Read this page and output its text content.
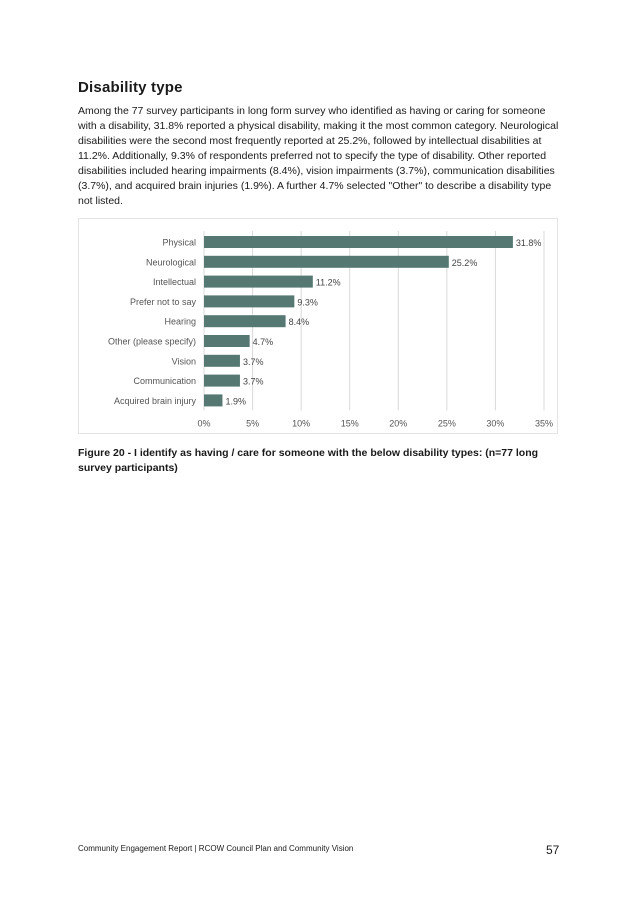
Disability type

Among the 77 survey participants in long form survey who identified as having or caring for someone with a disability, 31.8% reported a physical disability, making it the most common category. Neurological disabilities were the second most frequently reported at 25.2%, followed by intellectual disabilities at 11.2%. Additionally, 9.3% of respondents preferred not to specify the type of disability. Other reported disabilities included hearing impairments (8.4%), vision impairments (3.7%), communication disabilities (3.7%), and acquired brain injuries (1.9%). A further 4.7% selected "Other" to describe a disability type not listed.

Physical	31.8%
Neurological	25.2%
Intellectual	11.2%
Prefer not to say	9.3%
Hearing	8.4%
Other (please specify)	4.7%
Vision	3.7%
Communication	3.7%
Acquired brain injury	1.9%
0%	5%	10%	15%	20%	25%	30%	35%

Figure 20 - I identify as having / care for someone with the below disability types: (n=77 long survey participants)

Community Engagement Report | RCOW Council Plan and Community Vision	57
